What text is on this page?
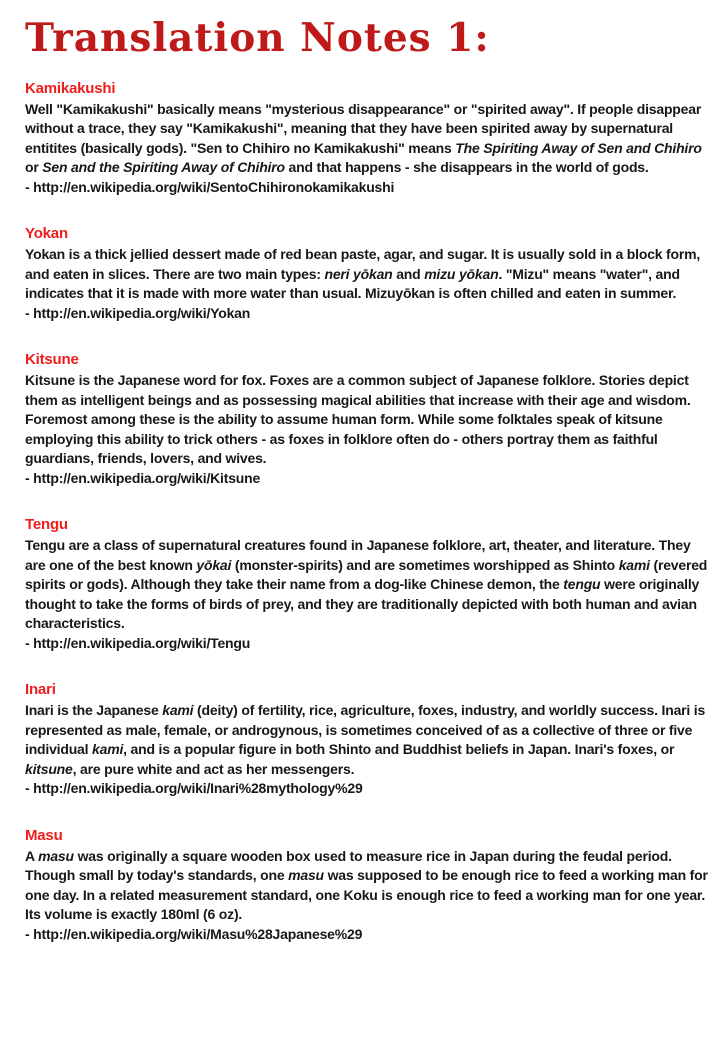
Translation Notes 1:
Kamikakushi

Well "Kamikakushi" basically means "mysterious disappearance" or "spirited away". If people disappear without a trace, they say "Kamikakushi", meaning that they have been spirited away by supernatural entitites (basically gods). "Sen to Chihiro no Kamikakushi" means The Spiriting Away of Sen and Chihiro or Sen and the Spiriting Away of Chihiro and that happens - she disappears in the world of gods.

- http://en.wikipedia.org/wiki/SentoChihironokamikakushi

Yokan

Yokan is a thick jellied dessert made of red bean paste, agar, and sugar. It is usually sold in a block form, and eaten in slices. There are two main types: neri yōkan and mizu yōkan. "Mizu" means "water", and indicates that it is made with more water than usual. Mizuyōkan is often chilled and eaten in summer.

- http://en.wikipedia.org/wiki/Yokan

Kitsune

Kitsune is the Japanese word for fox. Foxes are a common subject of Japanese folklore. Stories depict them as intelligent beings and as possessing magical abilities that increase with their age and wisdom. Foremost among these is the ability to assume human form. While some folktales speak of kitsune employing this ability to trick others - as foxes in folklore often do - others portray them as faithful guardians, friends, lovers, and wives.

- http://en.wikipedia.org/wiki/Kitsune

Tengu

Tengu are a class of supernatural creatures found in Japanese folklore, art, theater, and literature. They are one of the best known yōkai (monster-spirits) and are sometimes worshipped as Shinto kami (revered spirits or gods). Although they take their name from a dog-like Chinese demon, the tengu were originally thought to take the forms of birds of prey, and they are traditionally depicted with both human and avian characteristics.

- http://en.wikipedia.org/wiki/Tengu

Inari

Inari is the Japanese kami (deity) of fertility, rice, agriculture, foxes, industry, and worldly success. Inari is represented as male, female, or androgynous, is sometimes conceived of as a collective of three or five individual kami, and is a popular figure in both Shinto and Buddhist beliefs in Japan. Inari's foxes, or kitsune, are pure white and act as her messengers.

- http://en.wikipedia.org/wiki/Inari%28mythology%29

Masu

A masu was originally a square wooden box used to measure rice in Japan during the feudal period. Though small by today's standards, one masu was supposed to be enough rice to feed a working man for one day. In a related measurement standard, one Koku is enough rice to feed a working man for one year. Its volume is exactly 180ml (6 oz).

- http://en.wikipedia.org/wiki/Masu%28Japanese%29
